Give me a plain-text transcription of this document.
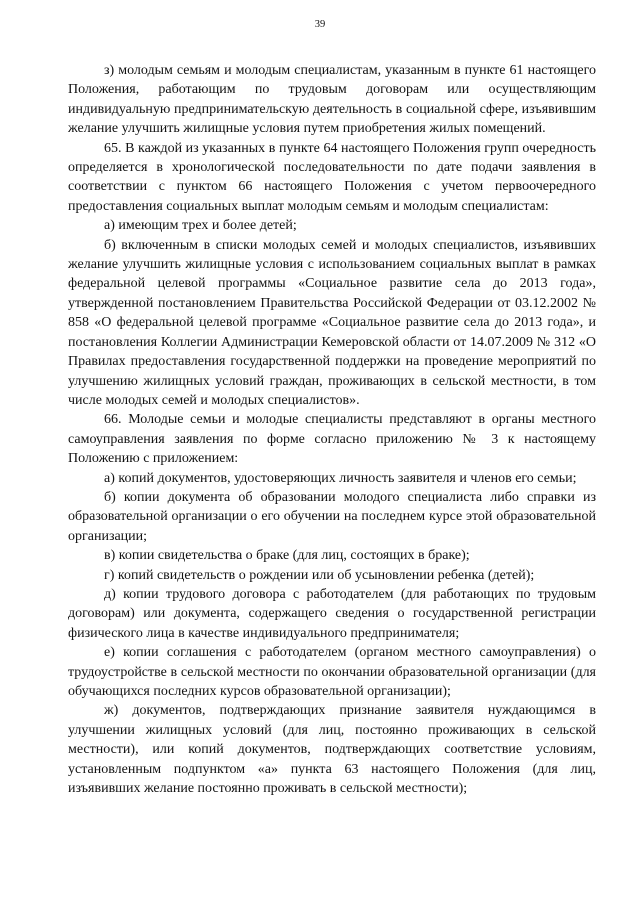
39

з) молодым семьям и молодым специалистам, указанным в пункте 61 настоящего Положения, работающим по трудовым договорам или осуществляющим индивидуальную предпринимательскую деятельность в социальной сфере, изъявившим желание улучшить жилищные условия путем приобретения жилых помещений.

65. В каждой из указанных в пункте 64 настоящего Положения групп очередность определяется в хронологической последовательности по дате подачи заявления в соответствии с пунктом 66 настоящего Положения с учетом первоочередного предоставления социальных выплат молодым семьям и молодым специалистам:

а) имеющим трех и более детей;

б) включенным в списки молодых семей и молодых специалистов, изъявивших желание улучшить жилищные условия с использованием социальных выплат в рамках федеральной целевой программы «Социальное развитие села до 2013 года», утвержденной постановлением Правительства Российской Федерации от 03.12.2002 № 858 «О федеральной целевой программе «Социальное развитие села до 2013 года», и постановления Коллегии Администрации Кемеровской области от 14.07.2009 № 312 «О Правилах предоставления государственной поддержки на проведение мероприятий по улучшению жилищных условий граждан, проживающих в сельской местности, в том числе молодых семей и молодых специалистов».

66. Молодые семьи и молодые специалисты представляют в органы местного самоуправления заявления по форме согласно приложению № 3 к настоящему Положению с приложением:

а) копий документов, удостоверяющих личность заявителя и членов его семьи;

б) копии документа об образовании молодого специалиста либо справки из образовательной организации о его обучении на последнем курсе этой образовательной организации;

в) копии свидетельства о браке (для лиц, состоящих в браке);

г) копий свидетельств о рождении или об усыновлении ребенка (детей);

д) копии трудового договора с работодателем (для работающих по трудовым договорам) или документа, содержащего сведения о государственной регистрации физического лица в качестве индивидуального предпринимателя;

е) копии соглашения с работодателем (органом местного самоуправления) о трудоустройстве в сельской местности по окончании образовательной организации (для обучающихся последних курсов образовательной организации);

ж) документов, подтверждающих признание заявителя нуждающимся в улучшении жилищных условий (для лиц, постоянно проживающих в сельской местности), или копий документов, подтверждающих соответствие условиям, установленным подпунктом «а» пункта 63 настоящего Положения (для лиц, изъявивших желание постоянно проживать в сельской местности);
